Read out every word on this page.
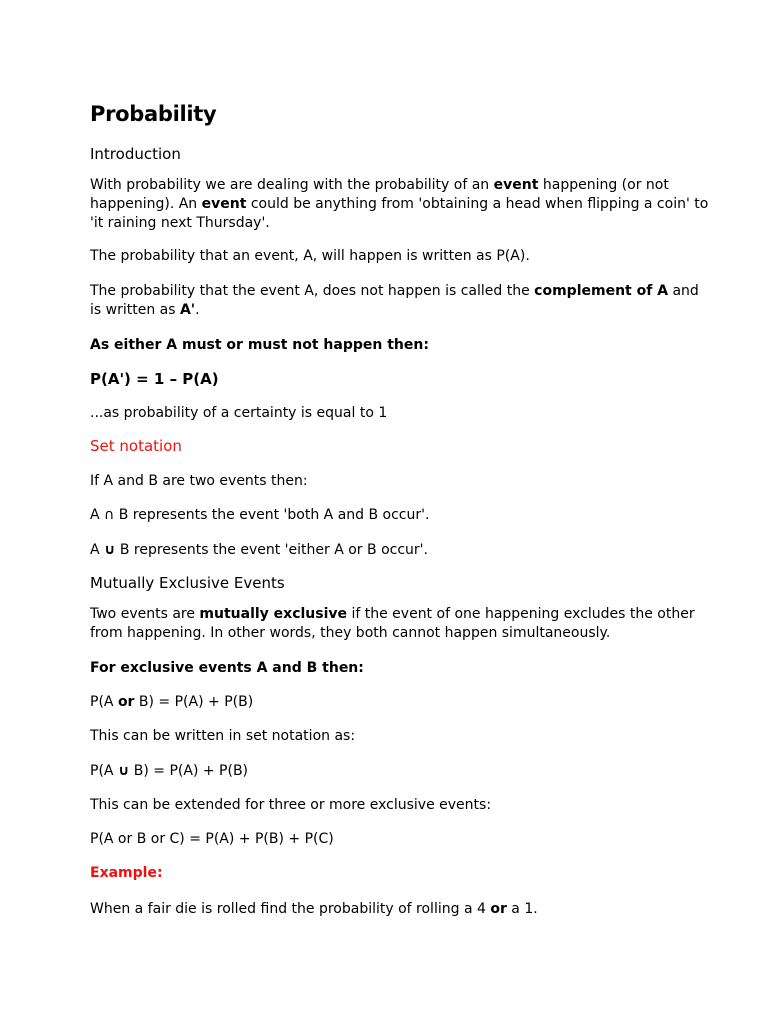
Probability

Introduction

With probability we are dealing with the probability of an event happening (or not

happening). An event could be anything from 'obtaining a head when flipping a coin' to

'it raining next Thursday'.

The probability that an event, A, will happen is written as P(A).

The probability that the event A, does not happen is called the complement of A and

is written as A'.

As either A must or must not happen then:

P(A') = 1 – P(A)

...as probability of a certainty is equal to 1

Set notation

If A and B are two events then:

A ∩ B represents the event 'both A and B occur'.

A ∪ B represents the event 'either A or B occur'.

Mutually Exclusive Events

Two events are mutually exclusive if the event of one happening excludes the other

from happening. In other words, they both cannot happen simultaneously.

For exclusive events A and B then:

P(A or B) = P(A) + P(B)

This can be written in set notation as:

P(A ∪ B) = P(A) + P(B)

This can be extended for three or more exclusive events:

P(A or B or C) = P(A) + P(B) + P(C)

Example:

When a fair die is rolled find the probability of rolling a 4 or a 1.
